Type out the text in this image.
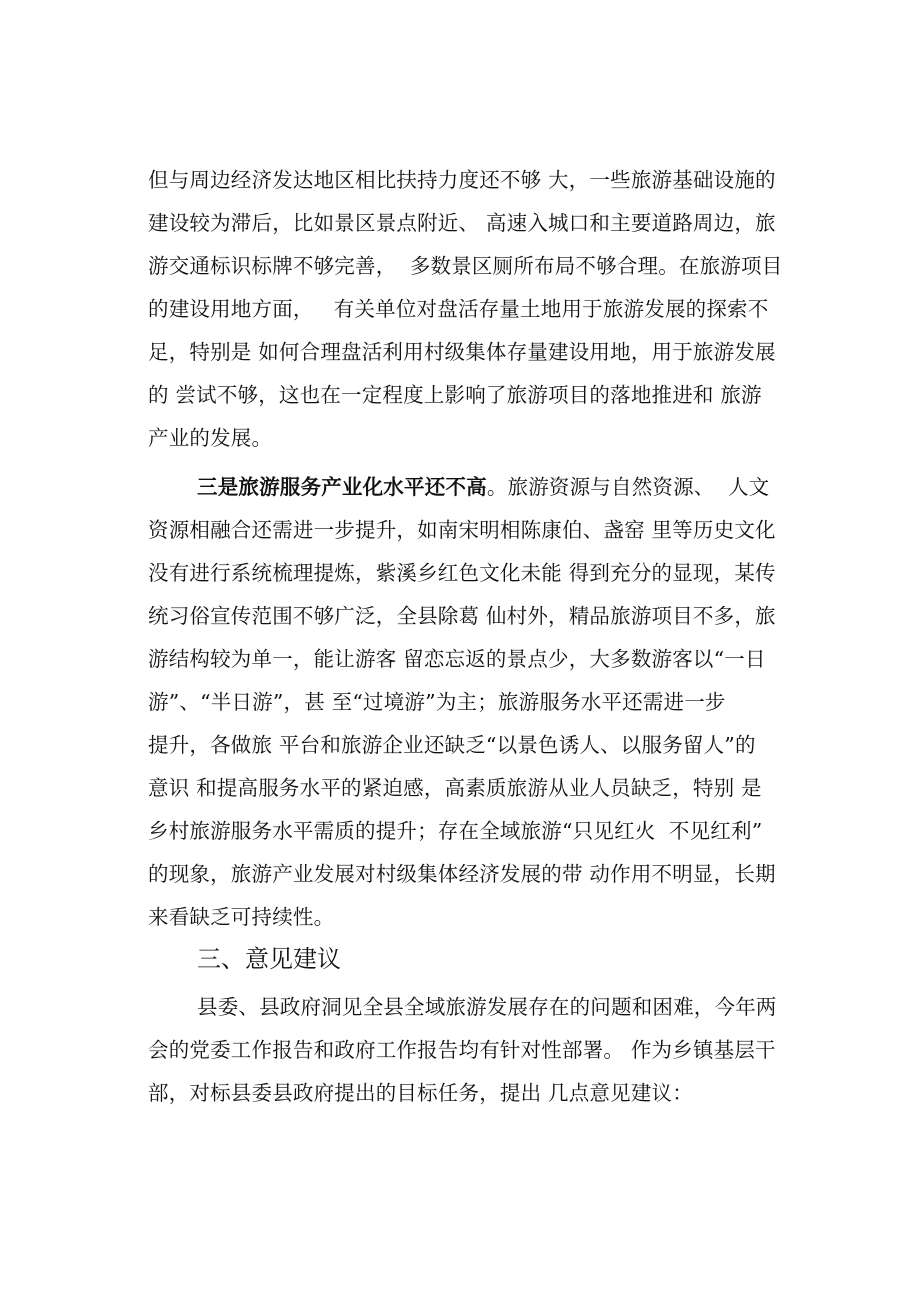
但与周边经济发达地区相比扶持力度还不够 大，一些旅游基础设施的
建设较为滞后，比如景区景点附近、 高速入城口和主要道路周边，旅
游交通标识标牌不够完善，  多数景区厕所布局不够合理。在旅游项目
的建设用地方面，   有关单位对盘活存量土地用于旅游发展的探索不
足，特别是 如何合理盘活利用村级集体存量建设用地，用于旅游发展
的 尝试不够，这也在一定程度上影响了旅游项目的落地推进和 旅游
产业的发展。
三是旅游服务产业化水平还不高。旅游资源与自然资源、  人文
资源相融合还需进一步提升，如南宋明相陈康伯、盏窑 里等历史文化
没有进行系统梳理提炼，紫溪乡红色文化未能 得到充分的显现，某传
统习俗宣传范围不够广泛，全县除葛 仙村外，精品旅游项目不多，旅
游结构较为单一，能让游客 留恋忘返的景点少，大多数游客以“一日
游”、“半日游”，甚 至“过境游”为主；旅游服务水平还需进一步
提升，各做旅 平台和旅游企业还缺乏“以景色诱人、以服务留人”的
意识 和提高服务水平的紧迫感，高素质旅游从业人员缺乏，特别 是
乡村旅游服务水平需质的提升；存在全域旅游“只见红火  不见红利”
的现象，旅游产业发展对村级集体经济发展的带 动作用不明显，长期
来看缺乏可持续性。
三、意见建议
县委、县政府洞见全县全域旅游发展存在的问题和困难，今年两
会的党委工作报告和政府工作报告均有针对性部署。 作为乡镇基层干
部，对标县委县政府提出的目标任务，提出 几点意见建议：
